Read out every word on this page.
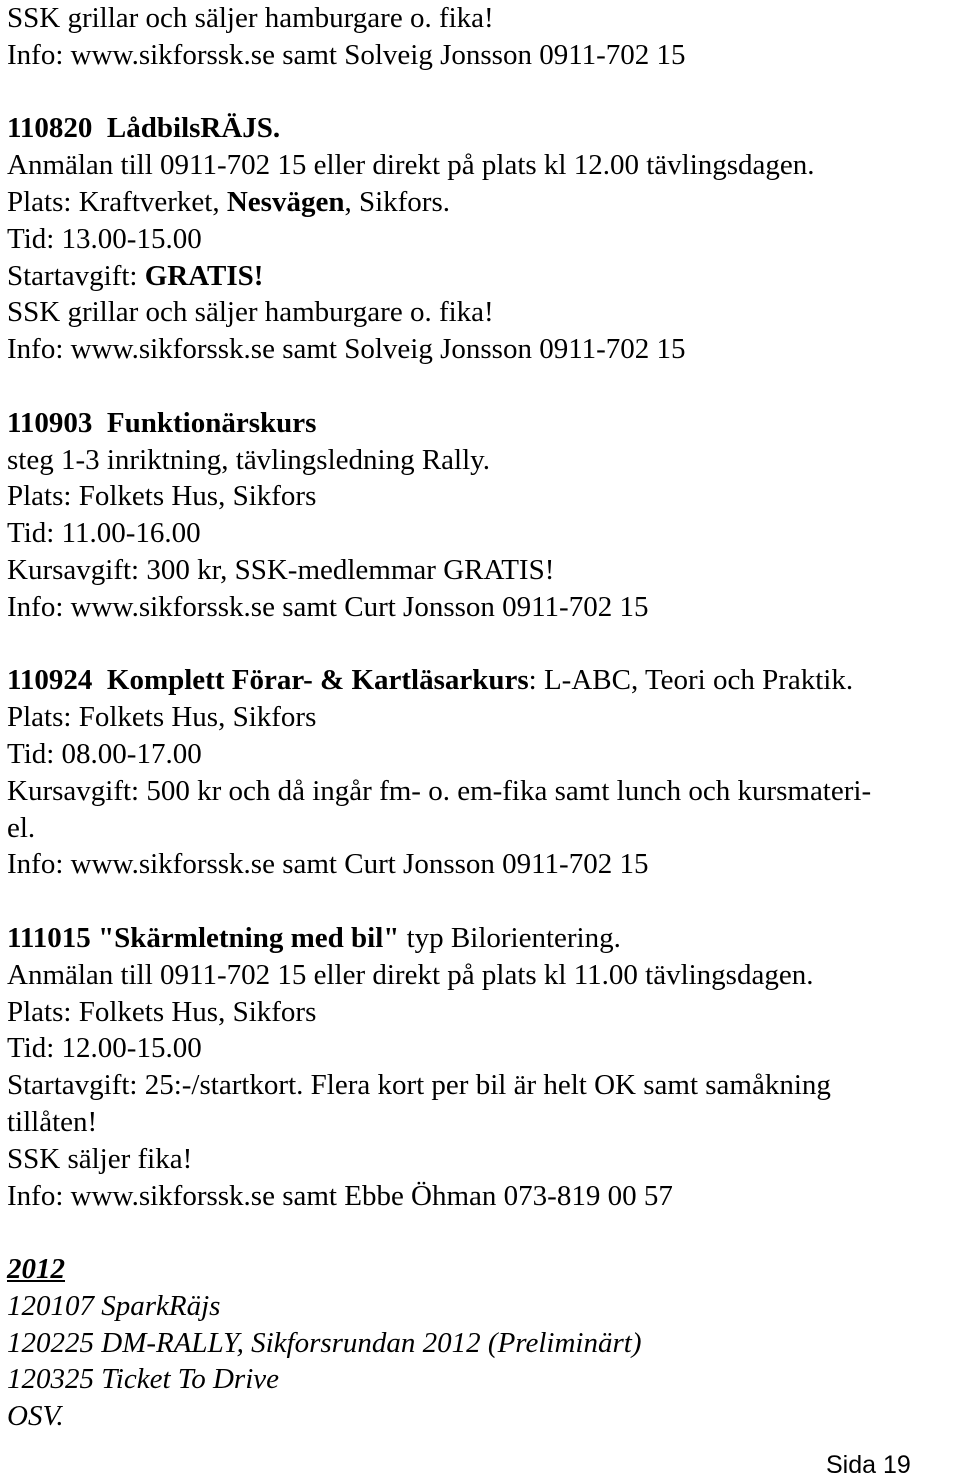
SSK grillar och säljer hamburgare o. fika!
Info: www.sikforssk.se samt Solveig Jonsson 0911-702 15
110820 LådbilsRÄJS.
Anmälan till 0911-702 15 eller direkt på plats kl 12.00 tävlingsdagen.
Plats: Kraftverket, Nesvägen, Sikfors.
Tid: 13.00-15.00
Startavgift: GRATIS!
SSK grillar och säljer hamburgare o. fika!
Info: www.sikforssk.se samt Solveig Jonsson 0911-702 15
110903 Funktionärskurs
steg 1-3 inriktning, tävlingsledning Rally.
Plats: Folkets Hus, Sikfors
Tid: 11.00-16.00
Kursavgift: 300 kr, SSK-medlemmar GRATIS!
Info: www.sikforssk.se samt Curt Jonsson 0911-702 15
110924 Komplett Förar- & Kartläsarkurs: L-ABC, Teori och Praktik.
Plats: Folkets Hus, Sikfors
Tid: 08.00-17.00
Kursavgift: 500 kr och då ingår fm- o. em-fika samt lunch och kursmateri-
el.
Info: www.sikforssk.se samt Curt Jonsson 0911-702 15
111015 "Skärmletning med bil" typ Bilorientering.
Anmälan till 0911-702 15 eller direkt på plats kl 11.00 tävlingsdagen.
Plats: Folkets Hus, Sikfors
Tid: 12.00-15.00
Startavgift: 25:-/startkort. Flera kort per bil är helt OK samt samåkning
tillåten!
SSK säljer fika!
Info: www.sikforssk.se samt Ebbe Öhman 073-819 00 57
2012
120107 SparkRäjs
120225 DM-RALLY, Sikforsrundan 2012 (Preliminärt)
120325 Ticket To Drive
OSV.
Sida 19
